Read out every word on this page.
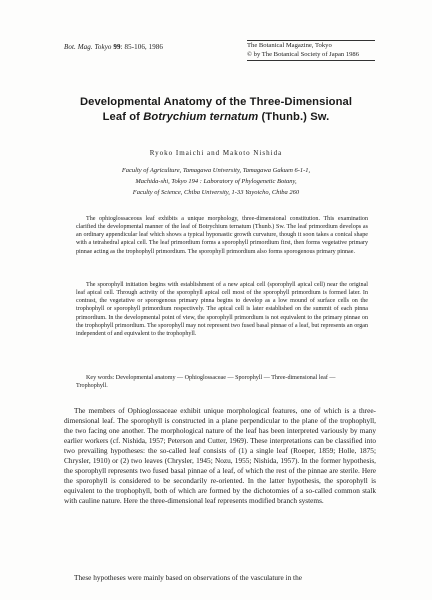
Bot. Mag. Tokyo 99: 85-106, 1986	The Botanical Magazine, Tokyo
© by The Botanical Society of Japan 1986
Developmental Anatomy of the Three-Dimensional
Leaf of Botrychium ternatum (Thunb.) Sw.
Ryoko Imaichi and Makoto Nishida
Faculty of Agriculture, Tamagawa University, Tamagawa Gakuen 6-1-1,
Machida-shi, Tokyo 194 : Laboratory of Phylogenetic Botany,
Faculty of Science, Chiba University, 1-33 Yayoicho, Chiba 260
The ophioglossaceous leaf exhibits a unique morphology, three-dimensional constitution. This examination clarified the developmental manner of the leaf of Botrychium ternatum (Thunb.) Sw. The leaf primordium develops as an ordinary appendicular leaf which shows a typical hyponastic growth curvature, though it soon takes a conical shape with a tetrahedral apical cell. The leaf primordium forms a sporophyll primordium first, then forms vegetative primary pinnae acting as the trophophyll primordium. The sporophyll primordium also forms sporogenous primary pinnae.
The sporophyll initiation begins with establishment of a new apical cell (sporophyll apical cell) near the original leaf apical cell. Through activity of the sporophyll apical cell most of the sporophyll primordium is formed later. In contrast, the vegetative or sporogenous primary pinna begins to develop as a low mound of surface cells on the trophophyll or sporophyll primordium respectively. The apical cell is later established on the summit of each pinna primordium. In the developmental point of view, the sporophyll primordium is not equivalent to the primary pinnae on the trophophyll primordium. The sporophyll may not represent two fused basal pinnae of a leaf, but represents an organ independent of and equivalent to the trophophyll.
Key words: Developmental anatomy — Ophioglossaceae — Sporophyll — Three-dimensional leaf — Trophophyll.
The members of Ophioglossaceae exhibit unique morphological features, one of which is a three-dimensional leaf. The sporophyll is constructed in a plane perpendicular to the plane of the trophophyll, the two facing one another. The morphological nature of the leaf has been interpreted variously by many earlier workers (cf. Nishida, 1957; Peterson and Cutter, 1969). These interpretations can be classified into two prevailing hypotheses: the so-called leaf consists of (1) a single leaf (Roeper, 1859; Holle, 1875; Chrysler, 1910) or (2) two leaves (Chrysler, 1945; Nozu, 1955; Nishida, 1957). In the former hypothesis, the sporophyll represents two fused basal pinnae of a leaf, of which the rest of the pinnae are sterile. Here the sporophyll is considered to be secondarily re-oriented. In the latter hypothesis, the sporophyll is equivalent to the trophophyll, both of which are formed by the dichotomies of a so-called common stalk with cauline nature. Here the three-dimensional leaf represents modified branch systems.
These hypotheses were mainly based on observations of the vasculature in the
